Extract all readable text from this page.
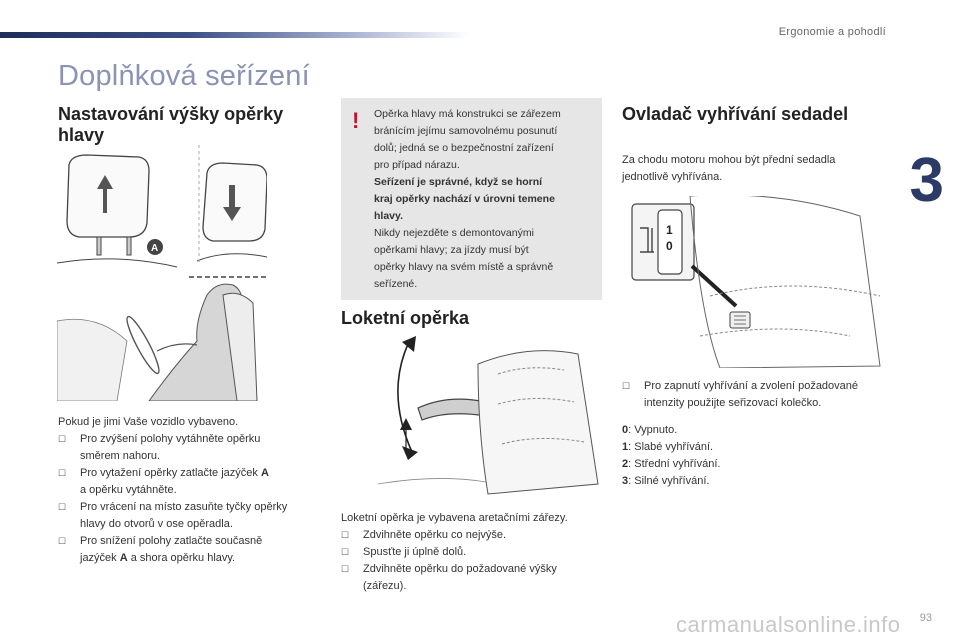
Ergonomie a pohodlí
3
Doplňková seřízení
Nastavování výšky opěrky
hlavy
A
Pokud je jimi Vaše vozidlo vybaveno.
☐ Pro zvýšení polohy vytáhněte opěrku
směrem nahoru.
☐ Pro vytažení opěrky zatlačte jazýček A
a opěrku vytáhněte.
☐ Pro vrácení na místo zasuňte tyčky opěrky
hlavy do otvorů v ose opěradla.
☐ Pro snížení polohy zatlačte současně
jazýček A a shora opěrku hlavy.
! Opěrka hlavy má konstrukci se zářezem
bránícím jejímu samovolnému posunutí
dolů; jedná se o bezpečnostní zařízení
pro případ nárazu.
Seřízení je správné, když se horní
kraj opěrky nachází v úrovni temene
hlavy.
Nikdy nejezděte s demontovanými
opěrkami hlavy; za jízdy musí být
opěrky hlavy na svém místě a správně
seřízené.
Loketní opěrka
Loketní opěrka je vybavena aretačními zářezy.
☐ Zdvihněte opěrku co nejvýše.
☐ Spusťte ji úplně dolů.
☐ Zdvihněte opěrku do požadované výšky
(zářezu).
Ovladač vyhřívání sedadel
Za chodu motoru mohou být přední sedadla
jednotlivě vyhřívána.
1
0
☐ Pro zapnutí vyhřívání a zvolení požadované
intenzity použijte seřizovací kolečko.
0: Vypnuto.
1: Slabé vyhřívání.
2: Střední vyhřívání.
3: Silné vyhřívání.
carmanualsonline.info 93
